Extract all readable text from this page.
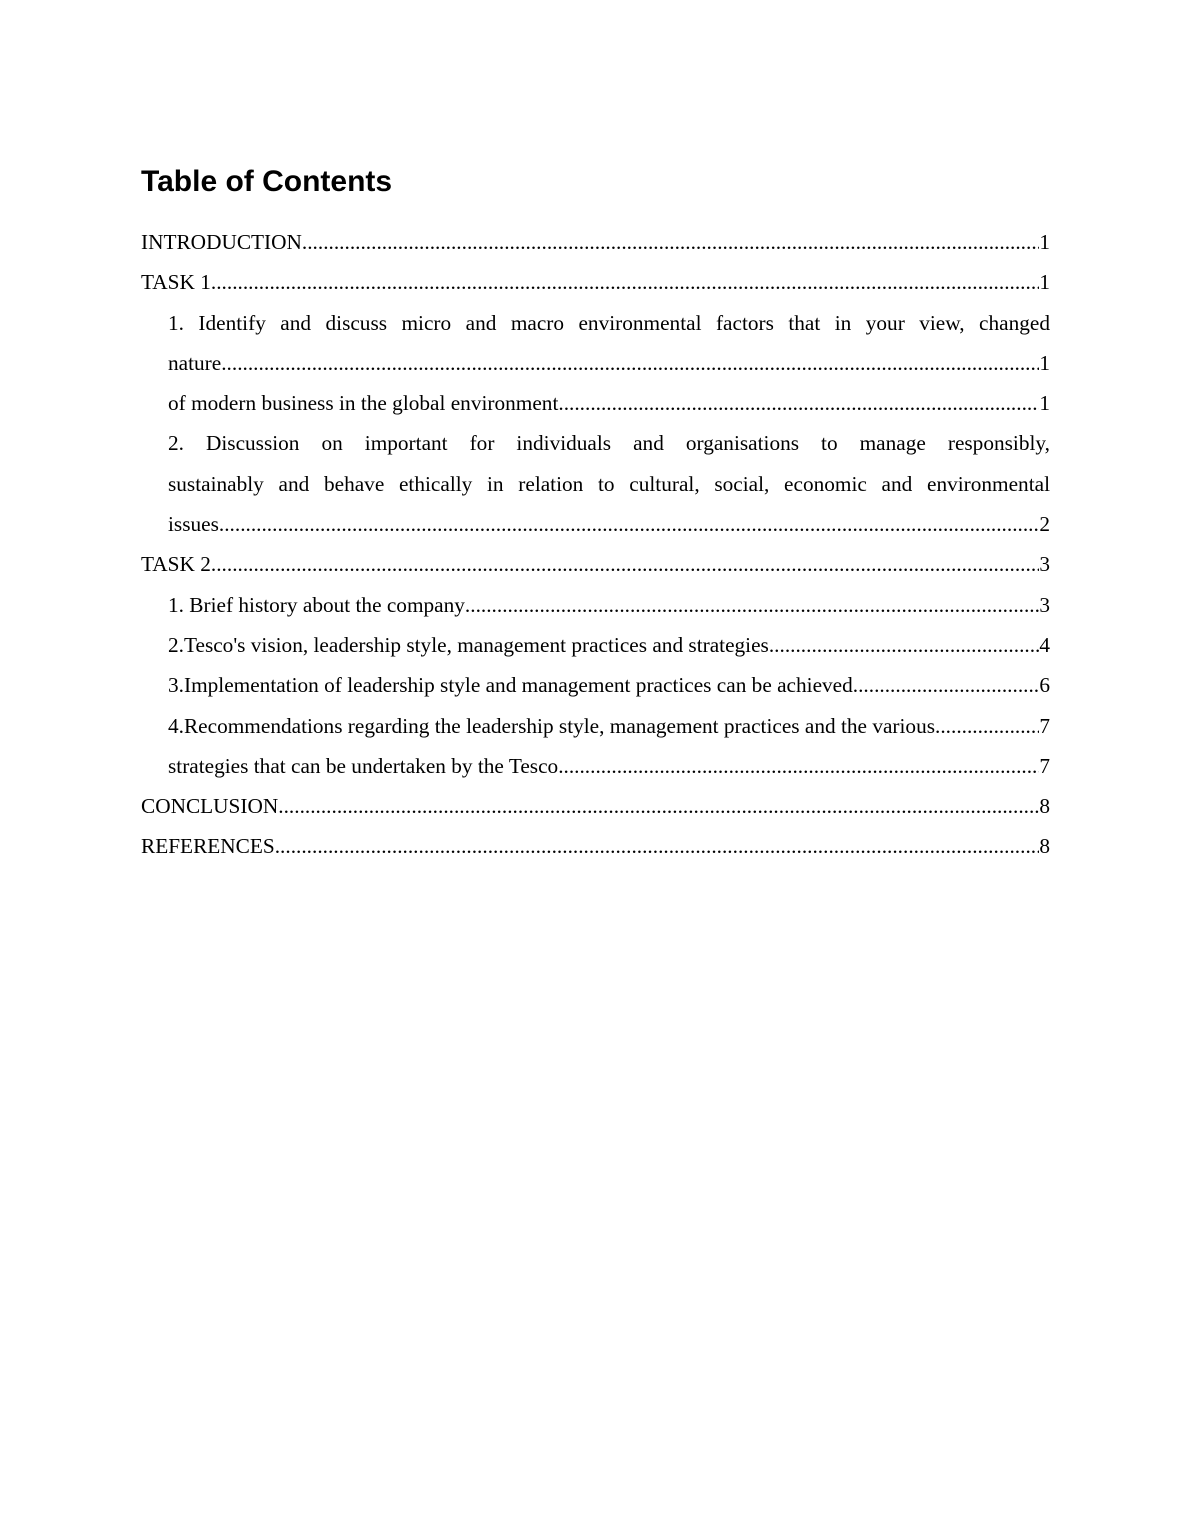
Table of Contents
INTRODUCTION .....	1
TASK 1 .....	1
1. Identify and discuss micro and macro environmental factors that in your view, changed
nature .....	1
of modern business in the global environment .....	1
2. Discussion on important for individuals and organisations to manage responsibly,
sustainably and behave ethically in relation to cultural, social, economic and environmental
issues .....	2
TASK 2 .....	3
1. Brief history about the company .....	3
2.Tesco's vision, leadership style, management practices and strategies .....	4
3.Implementation of leadership style and management practices can be achieved. .....	6
4.Recommendations regarding the leadership style, management practices and the various .....	7
strategies that can be undertaken by the Tesco .....	7
CONCLUSION .....	8
REFERENCES .....	8
